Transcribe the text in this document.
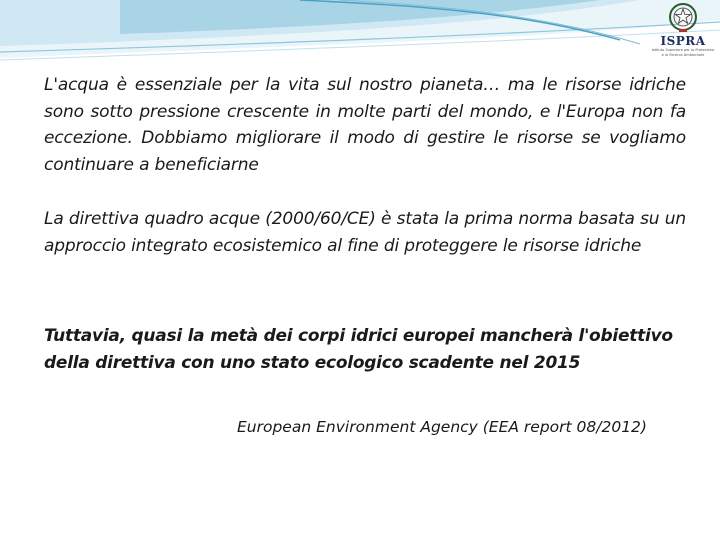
ISPRA
Istituto Superiore per la Protezione
e la Ricerca Ambientale

L'acqua è essenziale per la vita sul nostro pianeta… ma le risorse idriche sono sotto pressione crescente in molte parti del mondo, e l'Europa non fa eccezione. Dobbiamo migliorare il modo di gestire le risorse se vogliamo continuare a beneficiarne

La direttiva quadro acque (2000/60/CE) è stata la prima norma basata su un approccio integrato ecosistemico al fine di proteggere le risorse idriche

Tuttavia, quasi la metà dei corpi idrici europei mancherà l'obiettivo della direttiva con uno stato ecologico scadente nel 2015

European Environment Agency (EEA report 08/2012)
